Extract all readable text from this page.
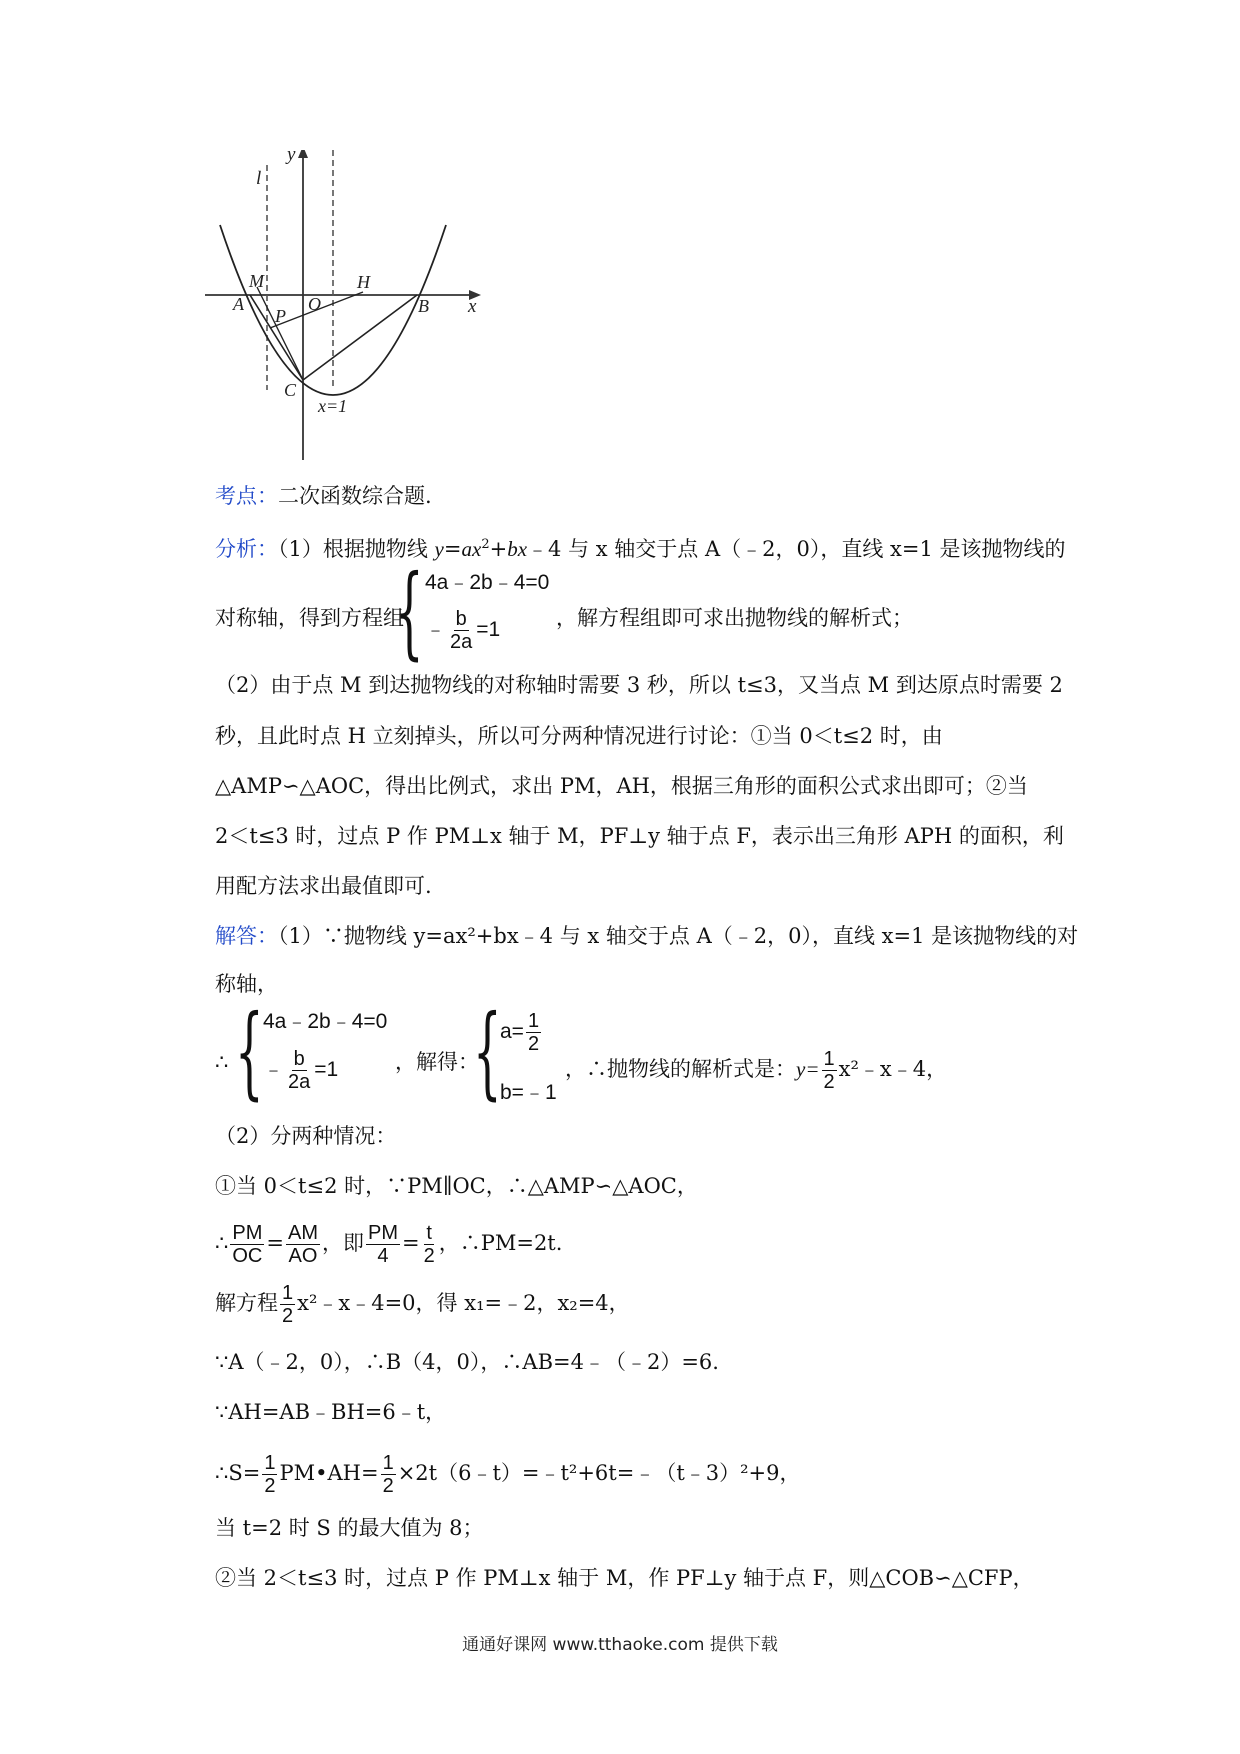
y
l
M	H
A	O	B x
P
C
x=1
考点：二次函数综合题.
分析：（1）根据抛物线 $y=ax^2+bx﹣4$ 与 x 轴交于点 A（﹣2，0），直线 x=1 是该抛物线的
对称轴，得到方程组	，解方程组即可求出抛物线的解析式；
{ 4a﹣2b﹣4=0
﹣ $\frac{b}{2a} =1$
（2）由于点 M 到达抛物线的对称轴时需要 3 秒，所以 t≤3，又当点 M 到达原点时需要 2
秒，且此时点 H 立刻掉头，所以可分两种情况进行讨论：①当 0＜t≤2 时，由
△AMP∽△AOC，得出比例式，求出 PM，AH，根据三角形的面积公式求出即可；②当
2＜t≤3 时，过点 P 作 PM⊥x 轴于 M，PF⊥y 轴于点 F，表示出三角形 APH 的面积，利
用配方法求出最值即可.
解答：（1）∵抛物线 y=ax²+bx﹣4 与 x 轴交于点 A（﹣2，0），直线 x=1 是该抛物线的对
称轴，
∴ { 4a﹣2b﹣4=0
﹣ $\frac{b}{2a} =1$	，解得：
{
$a= \frac{1}{2}$
b=﹣1
，∴抛物线的解析式是：$y= \frac{1}{2}$ x²﹣x﹣4，
（2）分两种情况：
①当 0＜t≤2 时，∵PM∥OC，∴△AMP∽△AOC，
∴ $\frac{PM}{OC} = \frac{AM}{AO}$ ，即 $\frac{PM}{4} = \frac{t}{2}$ ，∴PM=2t.
解方程 $\frac{1}{2}$ x²﹣x﹣4=0，得 x₁=﹣2，x₂=4，
∵A（﹣2，0），∴B（4，0），∴AB=4﹣（﹣2）=6.
∵AH=AB﹣BH=6﹣t，
∴S= $\frac{1}{2}$ PM•AH= $\frac{1}{2}$ ×2t（6﹣t）=﹣t²+6t=﹣（t﹣3）²+9，
当 t=2 时 S 的最大值为 8；
②当 2＜t≤3 时，过点 P 作 PM⊥x 轴于 M，作 PF⊥y 轴于点 F，则△COB∽△CFP，
通通好课网 www.tthaoke.com 提供下载
